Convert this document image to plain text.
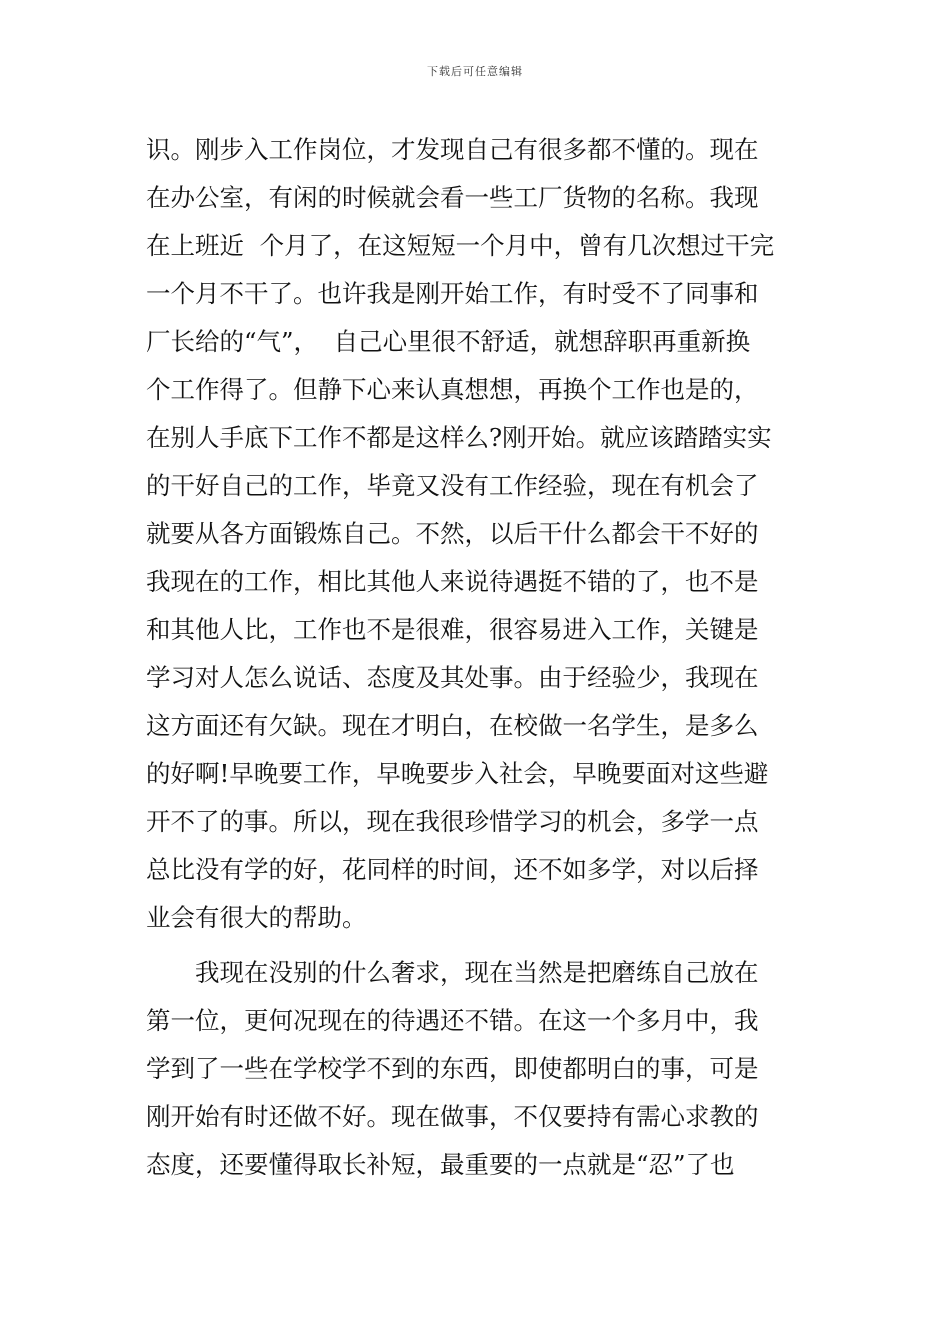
下载后可任意编辑
识。刚步入工作岗位，才发现自己有很多都不懂的。现在
在办公室，有闲的时候就会看一些工厂货物的名称。我现
在上班近  个月了，在这短短一个月中，曾有几次想过干完
一个月不干了。也许我是刚开始工作，有时受不了同事和
厂长给的“气”，  自己心里很不舒适，就想辞职再重新换
个工作得了。但静下心来认真想想，再换个工作也是的，
在别人手底下工作不都是这样么?刚开始。就应该踏踏实实
的干好自己的工作，毕竟又没有工作经验，现在有机会了
就要从各方面锻炼自己。不然，以后干什么都会干不好的
我现在的工作，相比其他人来说待遇挺不错的了，也不是
和其他人比，工作也不是很难，很容易进入工作，关键是
学习对人怎么说话、态度及其处事。由于经验少，我现在
这方面还有欠缺。现在才明白，在校做一名学生，是多么
的好啊!早晚要工作，早晚要步入社会，早晚要面对这些避
开不了的事。所以，现在我很珍惜学习的机会，多学一点
总比没有学的好，花同样的时间，还不如多学，对以后择
业会有很大的帮助。
我现在没别的什么奢求，现在当然是把磨练自己放在
第一位，更何况现在的待遇还不错。在这一个多月中，我
学到了一些在学校学不到的东西，即使都明白的事，可是
刚开始有时还做不好。现在做事，不仅要持有需心求教的
态度，还要懂得取长补短，最重要的一点就是“忍”了也
